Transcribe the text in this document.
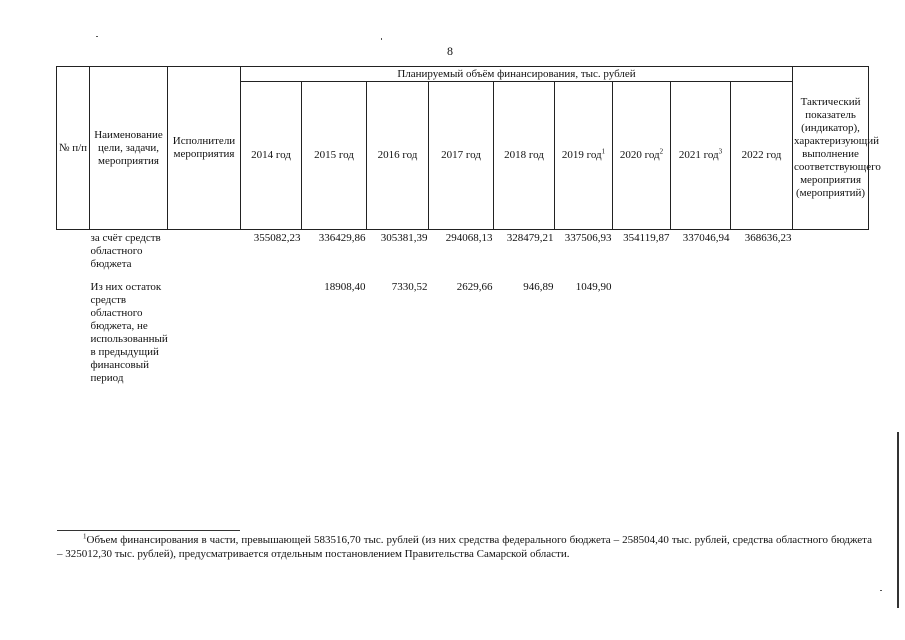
8
№ п/п	Наименование цели, задачи, мероприятия	Исполнители мероприятия	Планируемый объём финансирования, тыс. рублей									Тактический показатель (индикатор), характеризующий выполнение соответствующего мероприятия (мероприятий)
			2014 год	2015 год	2016 год	2017 год	2018 год	2019 год$^1$	2020 год$^2$	2021 год$^3$	2022 год	
	за счёт средств областного бюджета		355082,23	336429,86	305381,39	294068,13	328479,21	337506,93	354119,87	337046,94	368636,23	
	Из них остаток средств областного бюджета, не использованный в предыдущий финансовый период			18908,40	7330,52	2629,66	946,89	1049,90				
$^1$Объем финансирования в части, превышающей 583516,70 тыс. рублей (из них средства федерального бюджета – 258504,40 тыс. рублей, средства областного бюджета – 325012,30 тыс. рублей), предусматривается отдельным постановлением Правительства Самарской области.
